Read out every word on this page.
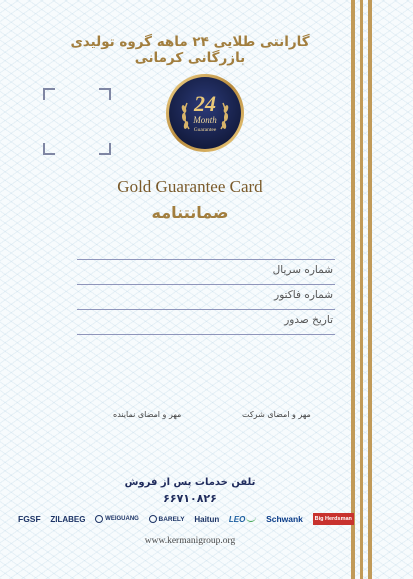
گارانتی طلایی ۲۴ ماهه گروه تولیدی بازرگانی کرمانی
24
Month
Guarantee
Gold Guarantee Card
ضمانتنامه
شماره سریال
شماره فاکتور
تاریخ صدور
مهر و امضای شرکت
مهر و امضای نماینده
تلفن خدمات پس از فروش
۶۶۷۱۰۸۲۶
FGSF ZILABEG	WEIGUANG	BARELY Haitun LEO Schwank	Big Herdsman
www.kermanigroup.org
